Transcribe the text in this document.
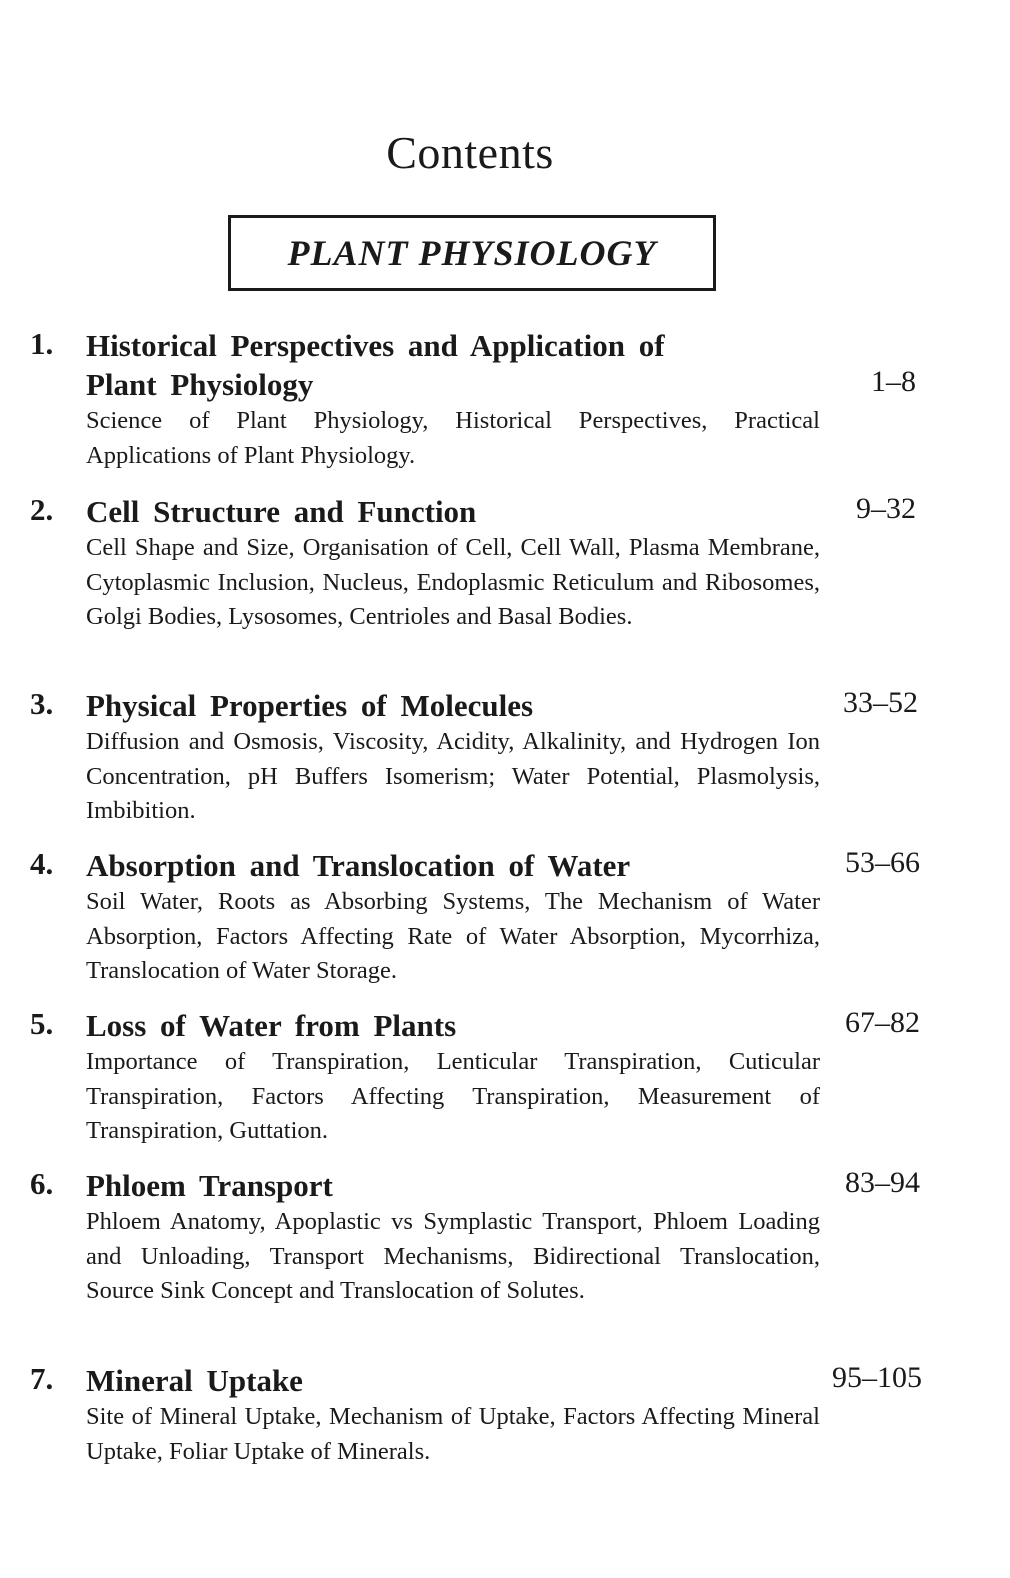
Contents
PLANT PHYSIOLOGY
1. Historical Perspectives and Application of Plant Physiology	1–8
Science of Plant Physiology, Historical Perspectives, Practical Applications of Plant Physiology.
2. Cell Structure and Function	9–32
Cell Shape and Size, Organisation of Cell, Cell Wall, Plasma Membrane, Cytoplasmic Inclusion, Nucleus, Endoplasmic Reticulum and Ribosomes, Golgi Bodies, Lysosomes, Centrioles and Basal Bodies.
3. Physical Properties of Molecules	33–52
Diffusion and Osmosis, Viscosity, Acidity, Alkalinity, and Hydrogen Ion Concentration, pH Buffers Isomerism; Water Potential, Plasmolysis, Imbibition.
4. Absorption and Translocation of Water	53–66
Soil Water, Roots as Absorbing Systems, The Mechanism of Water Absorption, Factors Affecting Rate of Water Absorption, Mycorrhiza, Translocation of Water Storage.
5. Loss of Water from Plants	67–82
Importance of Transpiration, Lenticular Transpiration, Cuticular Transpiration, Factors Affecting Transpiration, Measurement of Transpiration, Guttation.
6. Phloem Transport	83–94
Phloem Anatomy, Apoplastic vs Symplastic Transport, Phloem Loading and Unloading, Transport Mechanisms, Bidirectional Translocation, Source Sink Concept and Translocation of Solutes.
7. Mineral Uptake	95–105
Site of Mineral Uptake, Mechanism of Uptake, Factors Affecting Mineral Uptake, Foliar Uptake of Minerals.
